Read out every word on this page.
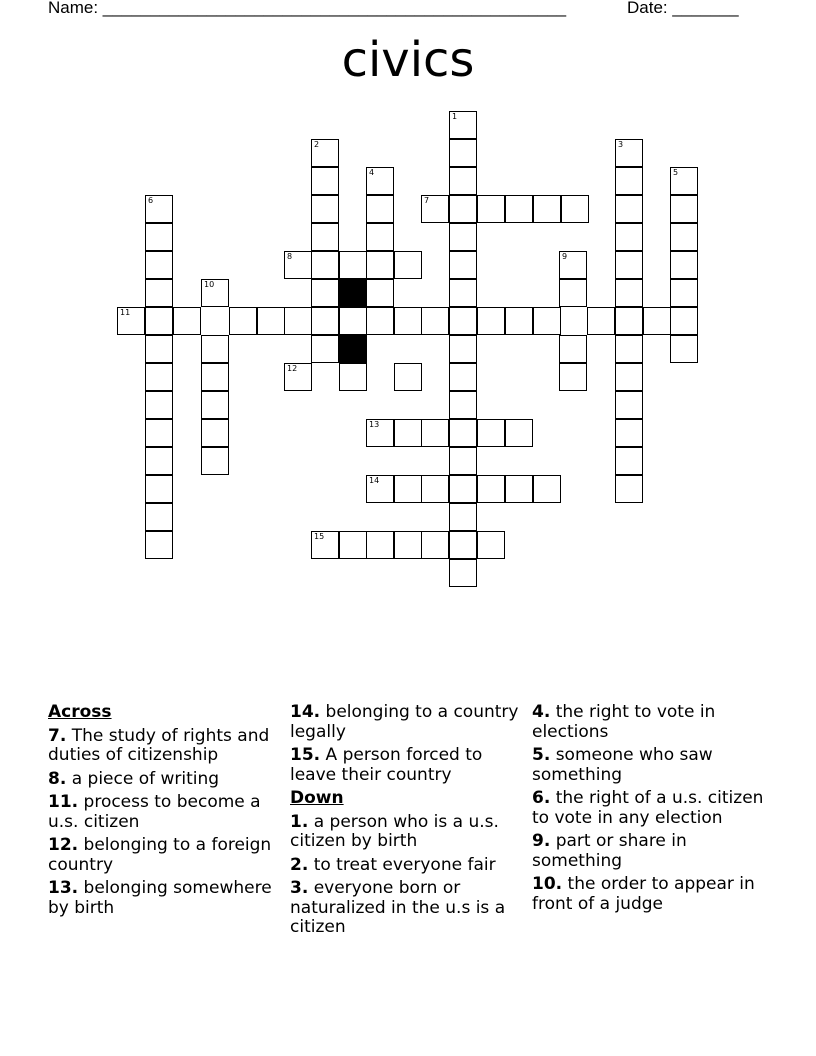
Name: _________________________________________________	Date: _______
civics
1
2	3
4	5
6	7
8	9
10
11
12
13
14
15
Across
7. The study of rights and duties of citizenship
8. a piece of writing
11. process to become a u.s. citizen
12. belonging to a foreign country
13. belonging somewhere by birth
14. belonging to a country legally
15. A person forced to leave their country
Down
1. a person who is a u.s. citizen by birth
2. to treat everyone fair
3. everyone born or naturalized in the u.s is a citizen
4. the right to vote in elections
5. someone who saw something
6. the right of a u.s. citizen to vote in any election
9. part or share in something
10. the order to appear in front of a judge
